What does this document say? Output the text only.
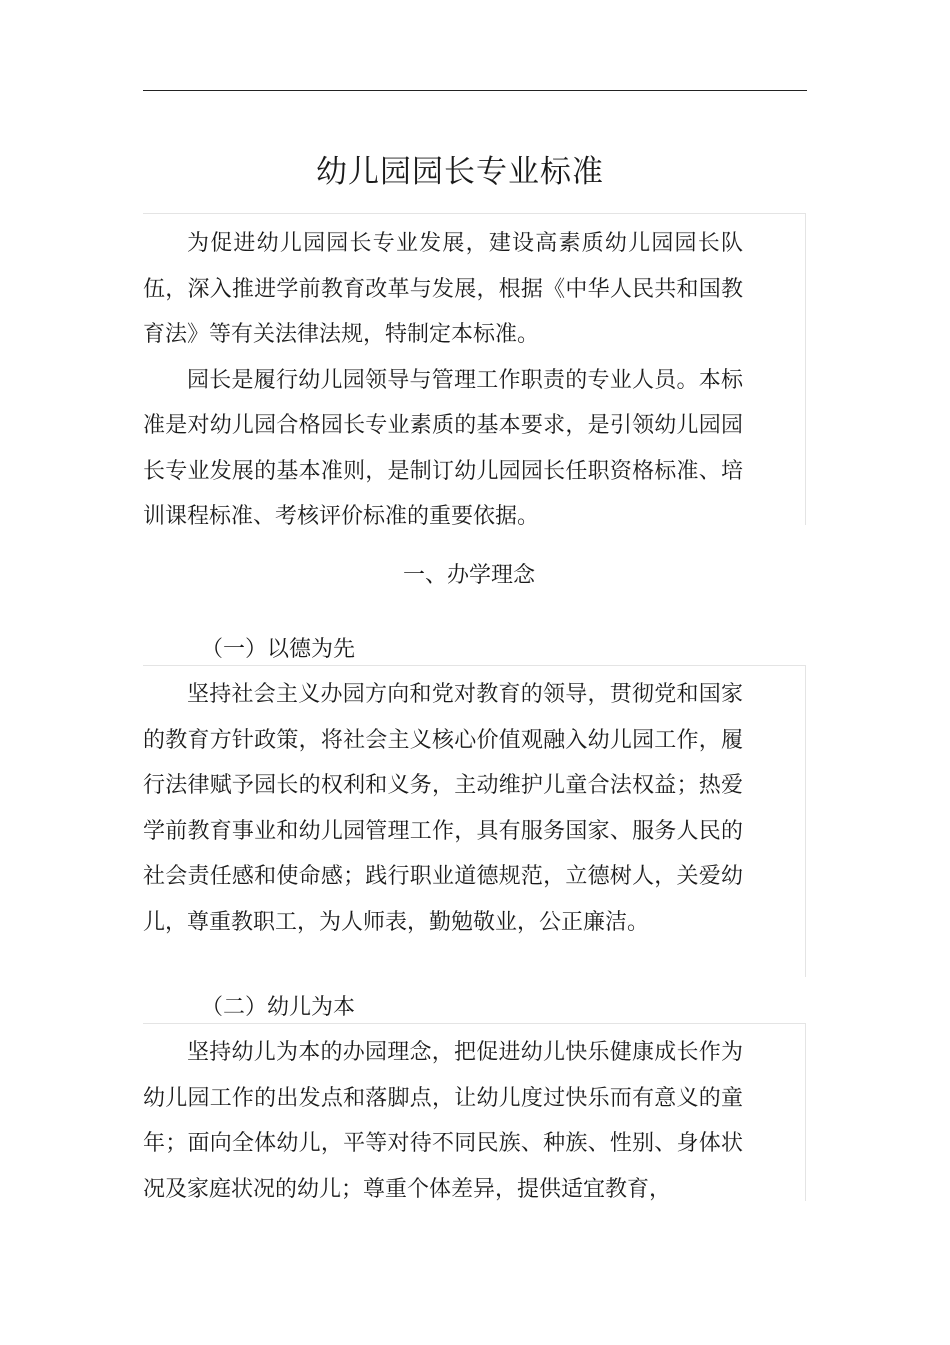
幼儿园园长专业标准

为促进幼儿园园长专业发展，建设高素质幼儿园园长队伍，深入推进学前教育改革与发展，根据《中华人民共和国教育法》等有关法律法规，特制定本标准。

园长是履行幼儿园领导与管理工作职责的专业人员。本标准是对幼儿园合格园长专业素质的基本要求，是引领幼儿园园长专业发展的基本准则，是制订幼儿园园长任职资格标准、培训课程标准、考核评价标准的重要依据。

一、办学理念
（一）以德为先

坚持社会主义办园方向和党对教育的领导，贯彻党和国家的教育方针政策，将社会主义核心价值观融入幼儿园工作，履行法律赋予园长的权利和义务，主动维护儿童合法权益；热爱学前教育事业和幼儿园管理工作，具有服务国家、服务人民的社会责任感和使命感；践行职业道德规范，立德树人，关爱幼儿，尊重教职工，为人师表，勤勉敬业，公正廉洁。

（二）幼儿为本

坚持幼儿为本的办园理念，把促进幼儿快乐健康成长作为幼儿园工作的出发点和落脚点，让幼儿度过快乐而有意义的童年；面向全体幼儿，平等对待不同民族、种族、性别、身体状况及家庭状况的幼儿；尊重个体差异，提供适宜教育，
